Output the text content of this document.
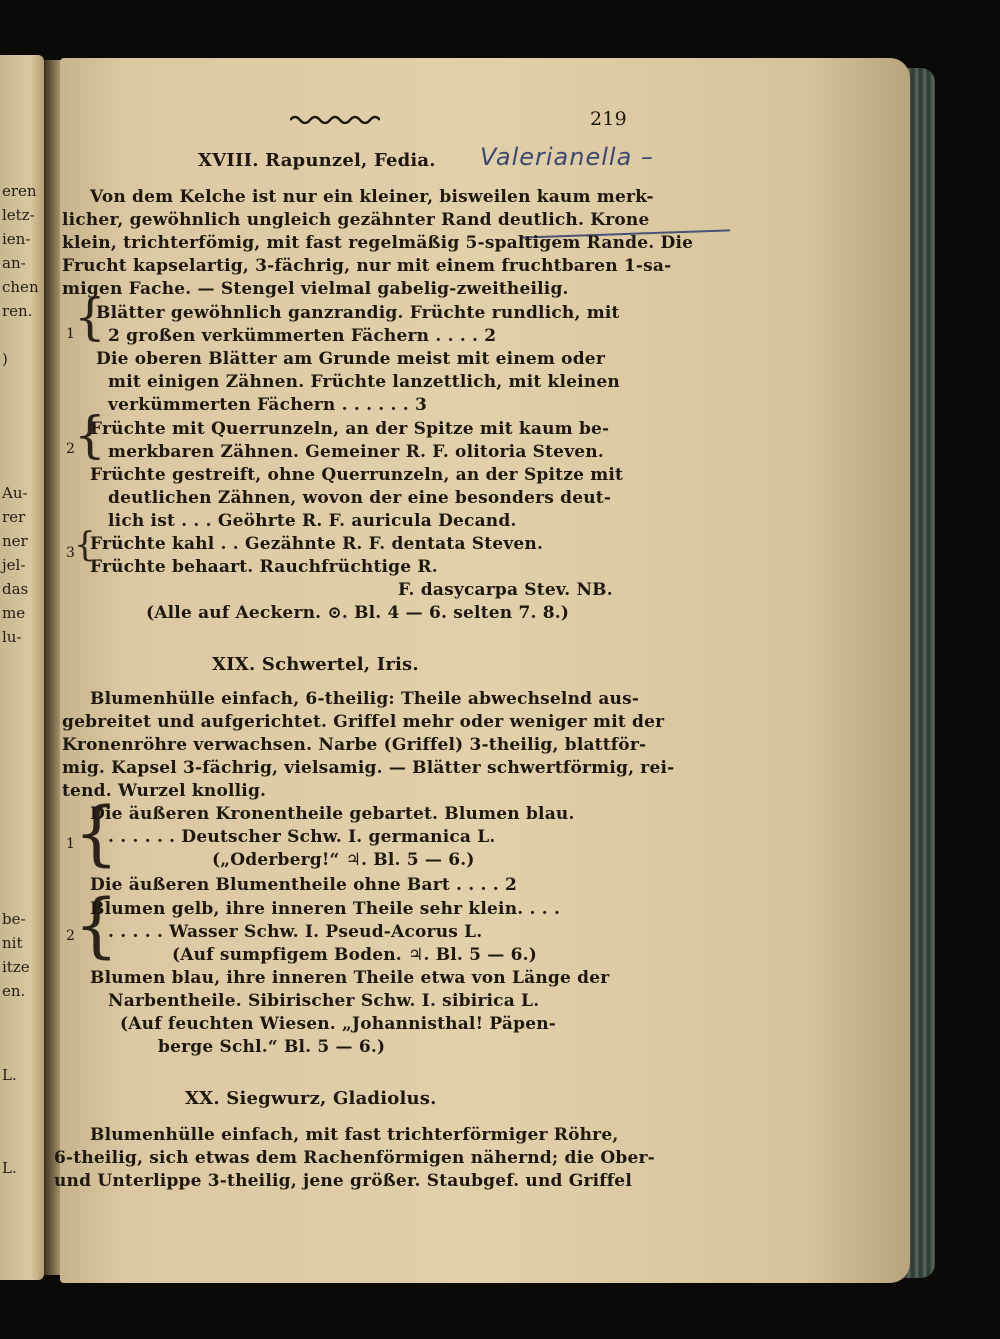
eren
letz-
ien-
an-
chen
ren.
)
Au-
rer
ner
jel-
das
me
lu-
be-
nit
itze
en.
L.
L.
219
XVIII. Rapunzel, Fedia. Valerianella –
Von dem Kelche ist nur ein kleiner, bisweilen kaum merk-
licher, gewöhnlich ungleich gezähnter Rand deutlich. Krone
klein, trichterfömig, mit fast regelmäßig 5-spaltigem Rande. Die
Frucht kapselartig, 3-fächrig, nur mit einem fruchtbaren 1-sa-
migen Fache. — Stengel vielmal gabelig-zweitheilig.
1 {
Blätter gewöhnlich ganzrandig. Früchte rundlich, mit
2 großen verkümmerten Fächern . . . . 2
Die oberen Blätter am Grunde meist mit einem oder
mit einigen Zähnen. Früchte lanzettlich, mit kleinen
verkümmerten Fächern . . . . . . 3
2 {
Früchte mit Querrunzeln, an der Spitze mit kaum be-
merkbaren Zähnen. Gemeiner R. F. olitoria Steven.
Früchte gestreift, ohne Querrunzeln, an der Spitze mit
deutlichen Zähnen, wovon der eine besonders deut-
lich ist . . . Geöhrte R. F. auricula Decand.
3 {
Früchte kahl . . Gezähnte R. F. dentata Steven.
Früchte behaart. Rauchfrüchtige R.
F. dasycarpa Stev. NB.
(Alle auf Aeckern. ⊙. Bl. 4 — 6. selten 7. 8.)
XIX. Schwertel, Iris.
Blumenhülle einfach, 6-theilig: Theile abwechselnd aus-
gebreitet und aufgerichtet. Griffel mehr oder weniger mit der
Kronenröhre verwachsen. Narbe (Griffel) 3-theilig, blattför-
mig. Kapsel 3-fächrig, vielsamig. — Blätter schwertförmig, rei-
tend. Wurzel knollig.
1 {
Die äußeren Kronentheile gebartet. Blumen blau.
. . . . . . Deutscher Schw. I. germanica L.
(„Oderberg!“ ♃. Bl. 5 — 6.)
Die äußeren Blumentheile ohne Bart . . . . 2
2 {
Blumen gelb, ihre inneren Theile sehr klein. . . .
. . . . . Wasser Schw. I. Pseud-Acorus L.
(Auf sumpfigem Boden. ♃. Bl. 5 — 6.)
Blumen blau, ihre inneren Theile etwa von Länge der
Narbentheile. Sibirischer Schw. I. sibirica L.
(Auf feuchten Wiesen. „Johannisthal! Päpen-
berge Schl.“ Bl. 5 — 6.)
XX. Siegwurz, Gladiolus.
Blumenhülle einfach, mit fast trichterförmiger Röhre,
6-theilig, sich etwas dem Rachenförmigen nähernd; die Ober-
und Unterlippe 3-theilig, jene größer. Staubgef. und Griffel
